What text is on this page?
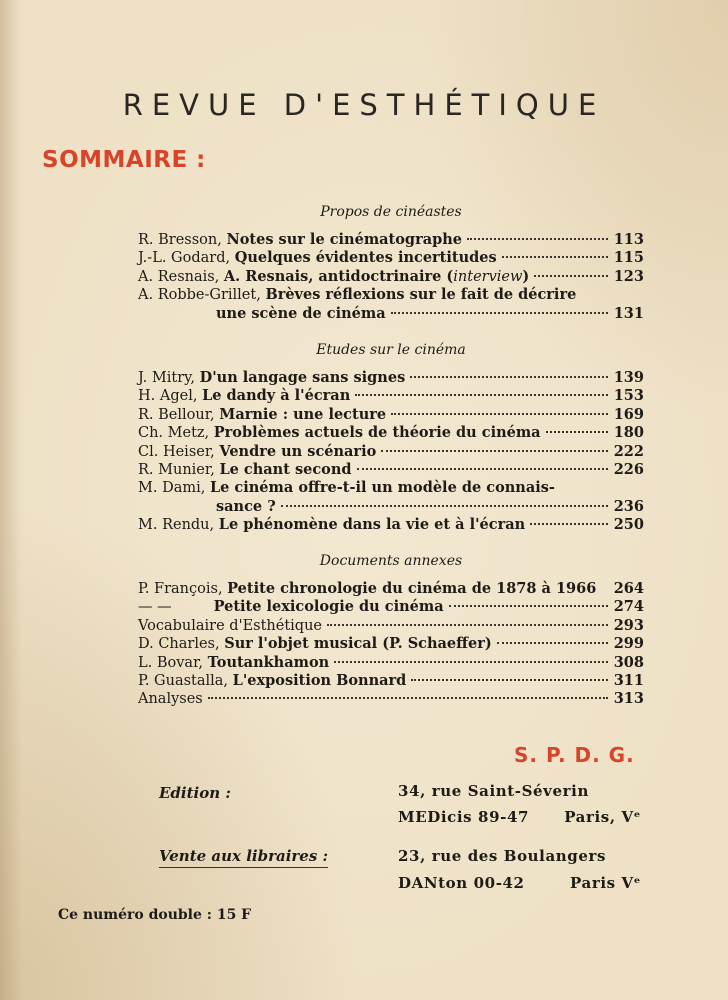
REVUE D'ESTHÉTIQUE
SOMMAIRE :
Propos de cinéastes
R. Bresson, Notes sur le cinématographe	113
J.-L. Godard, Quelques évidentes incertitudes	115
A. Resnais, A. Resnais, antidoctrinaire (interview)	123
A. Robbe-Grillet, Brèves réflexions sur le fait de décrire
une scène de cinéma	131
Etudes sur le cinéma
J. Mitry, D'un langage sans signes	139
H. Agel, Le dandy à l'écran	153
R. Bellour, Marnie : une lecture	169
Ch. Metz, Problèmes actuels de théorie du cinéma	180
Cl. Heiser, Vendre un scénario	222
R. Munier, Le chant second	226
M. Dami, Le cinéma offre-t-il un modèle de connais-
sance ?	236
M. Rendu, Le phénomène dans la vie et à l'écran	250
Documents annexes
P. François, Petite chronologie du cinéma de 1878 à 1966 264
— —	Petite lexicologie du cinéma	274
Vocabulaire d'Esthétique	293
D. Charles, Sur l'objet musical (P. Schaeffer)	299
L. Bovar, Toutankhamon	308
P. Guastalla, L'exposition Bonnard	311
Analyses	313
S. P. D. G.
Edition :	34, rue Saint-Séverin
MEDicis 89-47 Paris, Vᵉ
Vente aux libraires :	23, rue des Boulangers
DANton 00-42	Paris Vᵉ
Ce numéro double : 15 F
